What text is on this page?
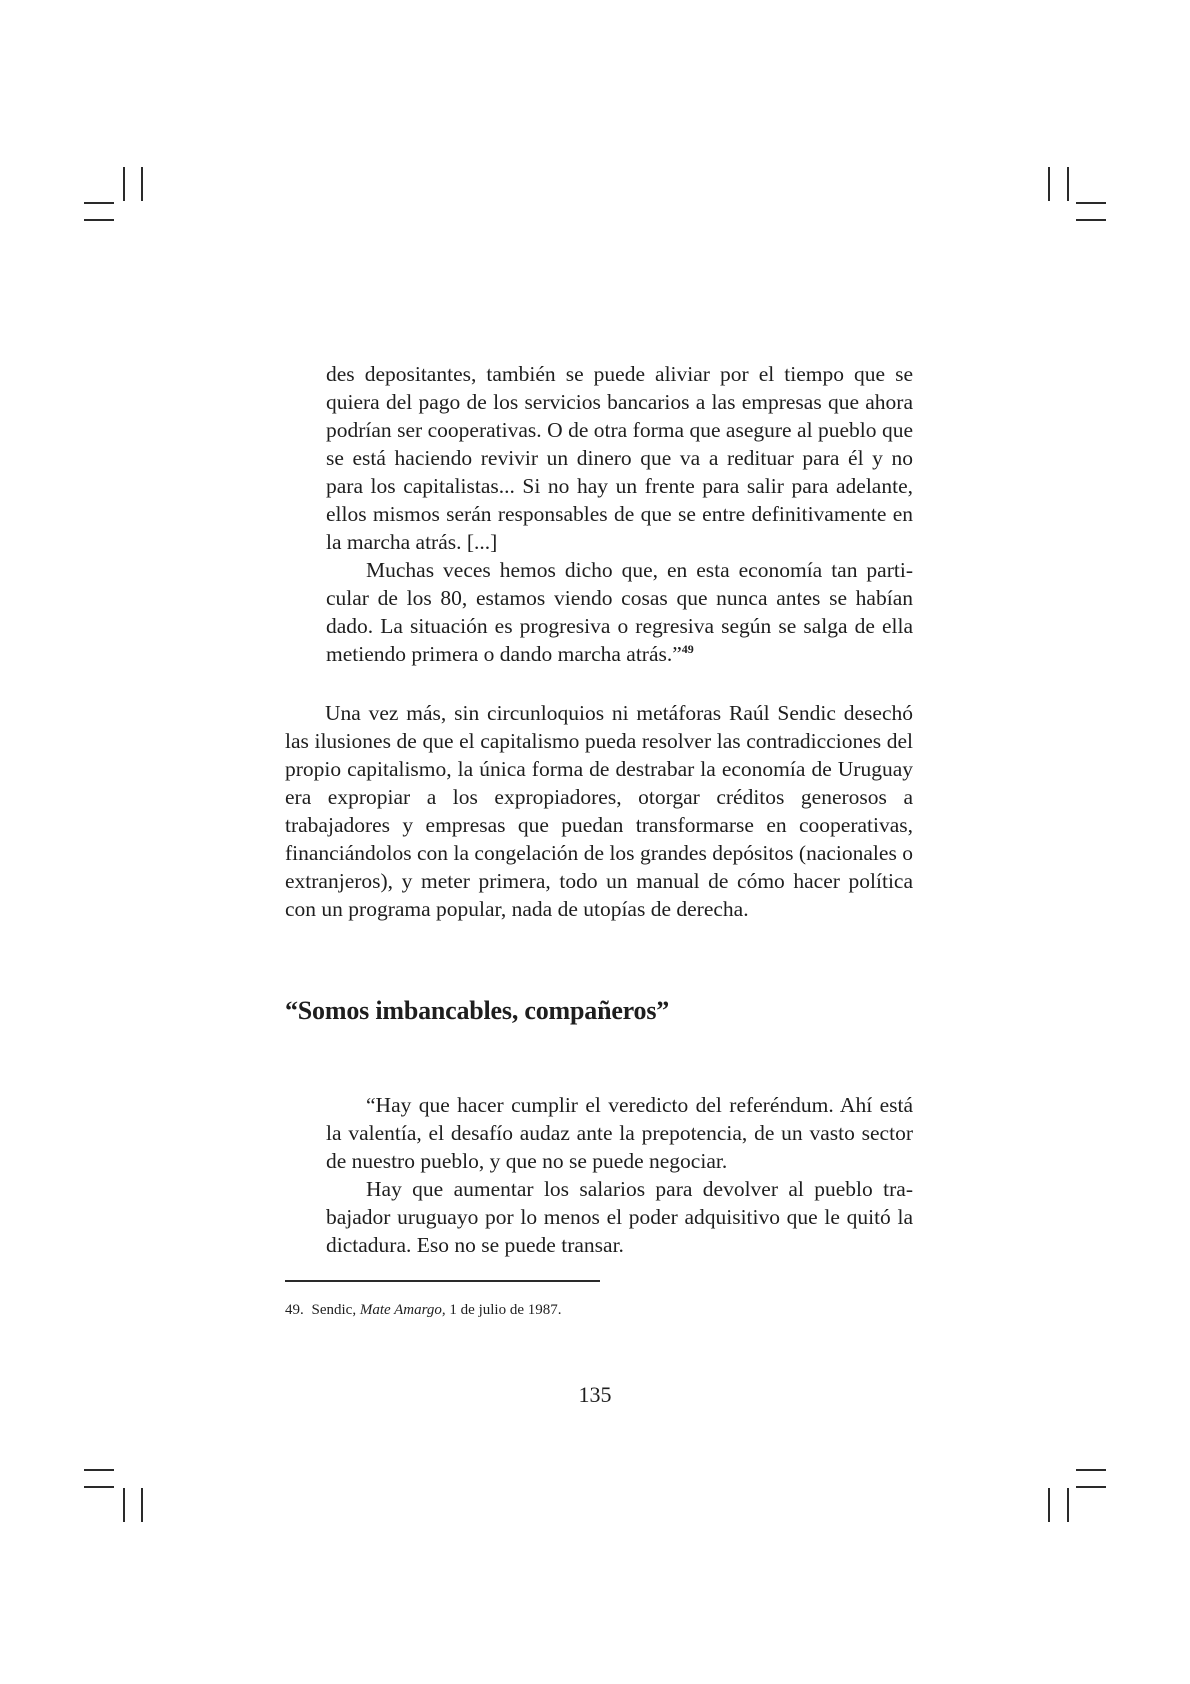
des depositantes, también se puede aliviar por el tiempo que se quiera del pago de los servicios bancarios a las empresas que ahora podrían ser cooperativas. O de otra forma que asegure al pueblo que se está haciendo revivir un dinero que va a redituar para él y no para los capitalistas... Si no hay un frente para salir para adelante, ellos mismos serán responsables de que se entre definitivamente en la marcha atrás. [...]

Muchas veces hemos dicho que, en esta economía tan particular de los 80, estamos viendo cosas que nunca antes se habían dado. La situación es progresiva o regresiva según se salga de ella metiendo primera o dando marcha atrás.”$^{49}$

Una vez más, sin circunloquios ni metáforas Raúl Sendic desechó las ilusiones de que el capitalismo pueda resolver las contradicciones del propio capitalismo, la única forma de destrabar la economía de Uruguay era expropiar a los expropiadores, otorgar créditos generosos a trabajadores y empresas que puedan transformarse en cooperativas, financiándolos con la congelación de los grandes depósitos (nacionales o extranjeros), y meter primera, todo un manual de cómo hacer política con un programa popular, nada de utopías de derecha.

“Somos imbancables, compañeros”

“Hay que hacer cumplir el veredicto del referéndum. Ahí está la valentía, el desafío audaz ante la prepotencia, de un vasto sector de nuestro pueblo, y que no se puede negociar.

Hay que aumentar los salarios para devolver al pueblo trabajador uruguayo por lo menos el poder adquisitivo que le quitó la dictadura. Eso no se puede transar.

49. Sendic, Mate Amargo, 1 de julio de 1987.
135
